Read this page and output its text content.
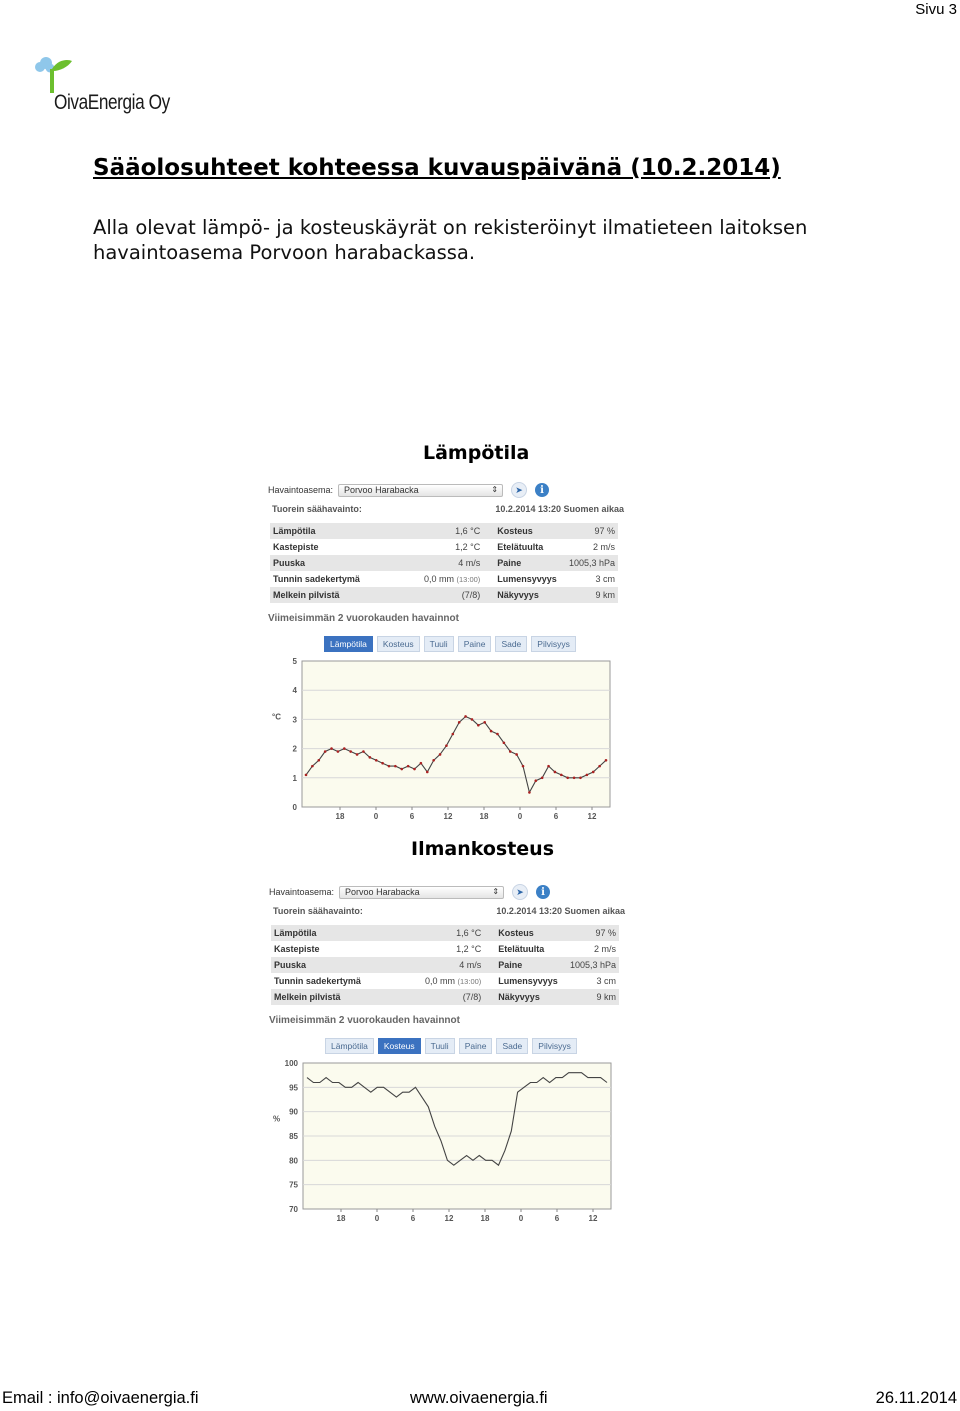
Sivu 3
OivaEnergia Oy
Sääolosuhteet kohteessa kuvauspäivänä (10.2.2014)
Alla olevat lämpö- ja kosteuskäyrät on rekisteröinyt ilmatieteen laitoksen havaintoasema Porvoon harabackassa.
Lämpötila
Havaintoasema: Porvoo Harabacka	⇕	➤	i
Tuorein säähavainto:	10.2.2014 13:20 Suomen aikaa
Lämpötila	1,6 °C	Kosteus	97 %
Kastepiste	1,2 °C	Etelätuulta	2 m/s
Puuska	4 m/s	Paine	1005,3 hPa
Tunnin sadekertymä	0,0 mm (13:00)	Lumensyvyys	3 cm
Melkein pilvistä	(7/8)	Näkyvyys	9 km
Viimeisimmän 2 vuorokauden havainnot
Lämpötila	Kosteus	Tuuli	Paine	Sade	Pilvisyys
0
1
2
3
4
5
°C
18	0	6	12	18	0	6	12
Ilmankosteus
Havaintoasema: Porvoo Harabacka	⇕	➤	i
Tuorein säähavainto:	10.2.2014 13:20 Suomen aikaa
Lämpötila	1,6 °C	Kosteus	97 %
Kastepiste	1,2 °C	Etelätuulta	2 m/s
Puuska	4 m/s	Paine	1005,3 hPa
Tunnin sadekertymä	0,0 mm (13:00)	Lumensyvyys	3 cm
Melkein pilvistä	(7/8)	Näkyvyys	9 km
Viimeisimmän 2 vuorokauden havainnot
Lämpötila	Kosteus	Tuuli	Paine	Sade	Pilvisyys
70
75
80
85
90
95
100
%
18	0	6	12	18	0	6	12
Email : info@oivaenergia.fi	www.oivaenergia.fi	26.11.2014
